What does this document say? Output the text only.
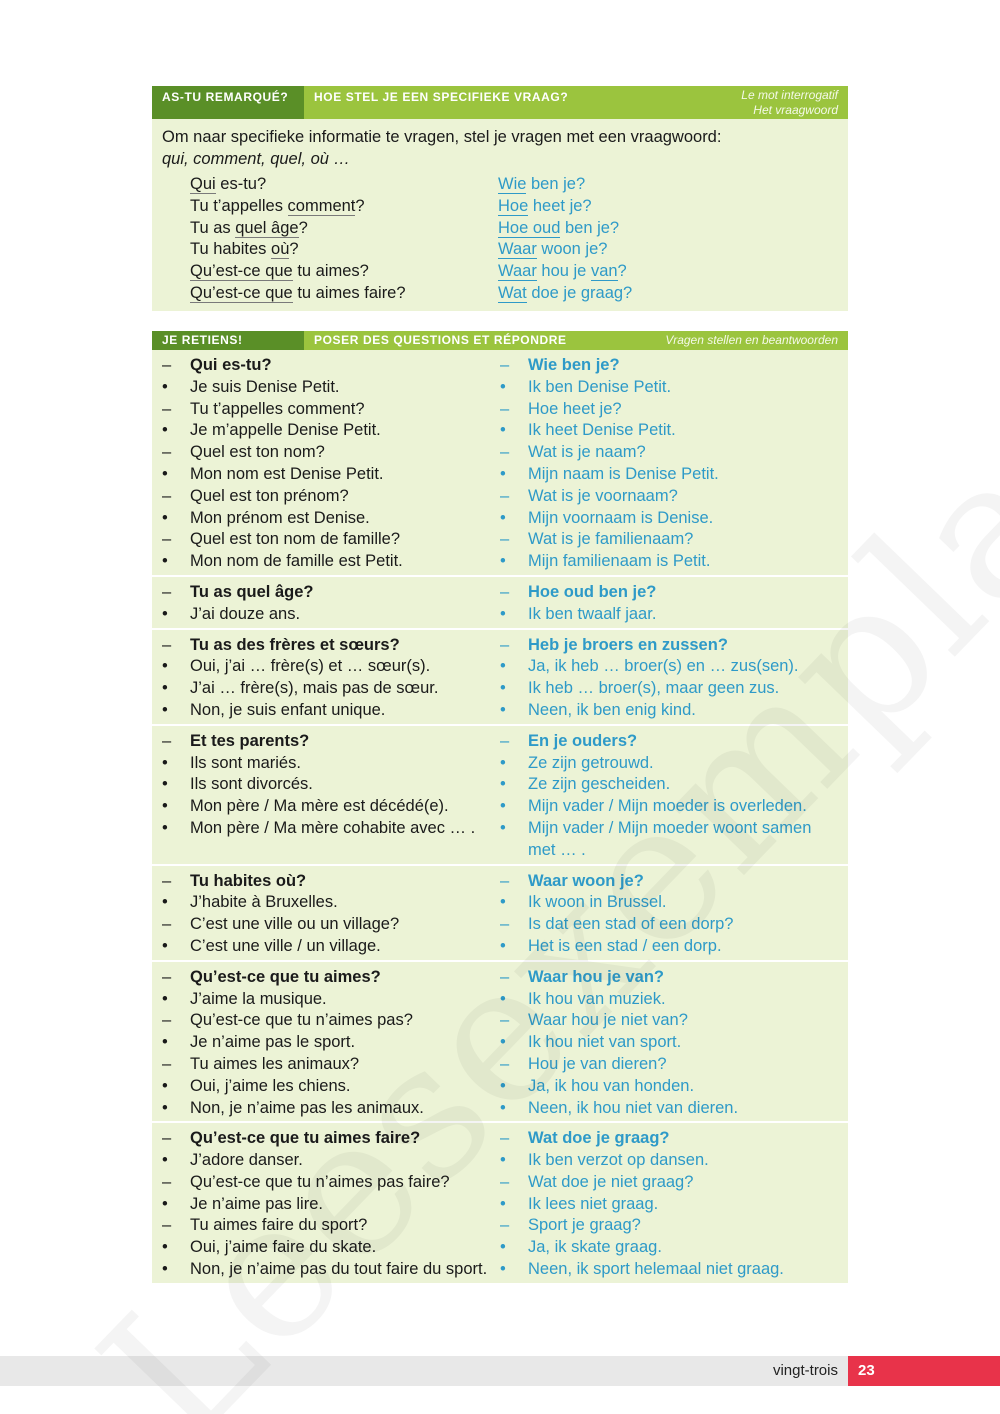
AS-TU REMARQUÉ?	HOE STEL JE EEN SPECIFIEKE VRAAG?	Le mot interrogatif
Het vraagwoord
Om naar specifieke informatie te vragen, stel je vragen met een vraagwoord:
qui, comment, quel, où …
Qui es-tu?	Wie ben je?
Tu t’appelles comment?	Hoe heet je?
Tu as quel âge?	Hoe oud ben je?
Tu habites où?	Waar woon je?
Qu’est-ce que tu aimes?	Waar hou je van?
Qu’est-ce que tu aimes faire?	Wat doe je graag?
JE RETIENS!	POSER DES QUESTIONS ET RÉPONDRE	Vragen stellen en beantwoorden
–	Qui es-tu?	–	Wie ben je?
•	Je suis Denise Petit.	•	Ik ben Denise Petit.
–	Tu t’appelles comment?	–	Hoe heet je?
•	Je m’appelle Denise Petit.	•	Ik heet Denise Petit.
–	Quel est ton nom?	–	Wat is je naam?
•	Mon nom est Denise Petit.	•	Mijn naam is Denise Petit.
–	Quel est ton prénom?	–	Wat is je voornaam?
•	Mon prénom est Denise.	•	Mijn voornaam is Denise.
–	Quel est ton nom de famille?	–	Wat is je familienaam?
•	Mon nom de famille est Petit.	•	Mijn familienaam is Petit.
–	Tu as quel âge?	–	Hoe oud ben je?
•	J’ai douze ans.	•	Ik ben twaalf jaar.
–	Tu as des frères et sœurs?	–	Heb je broers en zussen?
•	Oui, j’ai … frère(s) et … sœur(s).	•	Ja, ik heb … broer(s) en … zus(sen).
•	J’ai … frère(s), mais pas de sœur.	•	Ik heb … broer(s), maar geen zus.
•	Non, je suis enfant unique.	•	Neen, ik ben enig kind.
–	Et tes parents?	–	En je ouders?
•	Ils sont mariés.	•	Ze zijn getrouwd.
•	Ils sont divorcés.	•	Ze zijn gescheiden.
•	Mon père / Ma mère est décédé(e).	•	Mijn vader / Mijn moeder is overleden.
•	Mon père / Ma mère cohabite avec … .	•	Mijn vader / Mijn moeder woont samen
met … .
–	Tu habites où?	–	Waar woon je?
•	J’habite à Bruxelles.	•	Ik woon in Brussel.
–	C’est une ville ou un village?	–	Is dat een stad of een dorp?
•	C’est une ville / un village.	•	Het is een stad / een dorp.
–	Qu’est-ce que tu aimes?	–	Waar hou je van?
•	J’aime la musique.	•	Ik hou van muziek.
–	Qu’est-ce que tu n’aimes pas?	–	Waar hou je niet van?
•	Je n’aime pas le sport.	•	Ik hou niet van sport.
–	Tu aimes les animaux?	–	Hou je van dieren?
•	Oui, j’aime les chiens.	•	Ja, ik hou van honden.
•	Non, je n’aime pas les animaux.	•	Neen, ik hou niet van dieren.
–	Qu’est-ce que tu aimes faire?	–	Wat doe je graag?
•	J’adore danser.	•	Ik ben verzot op dansen.
–	Qu’est-ce que tu n’aimes pas faire?	–	Wat doe je niet graag?
•	Je n’aime pas lire.	•	Ik lees niet graag.
–	Tu aimes faire du sport?	–	Sport je graag?
•	Oui, j’aime faire du skate.	•	Ja, ik skate graag.
•	Non, je n’aime pas du tout faire du sport. •	Neen, ik sport helemaal niet graag.
vingt-trois	23
